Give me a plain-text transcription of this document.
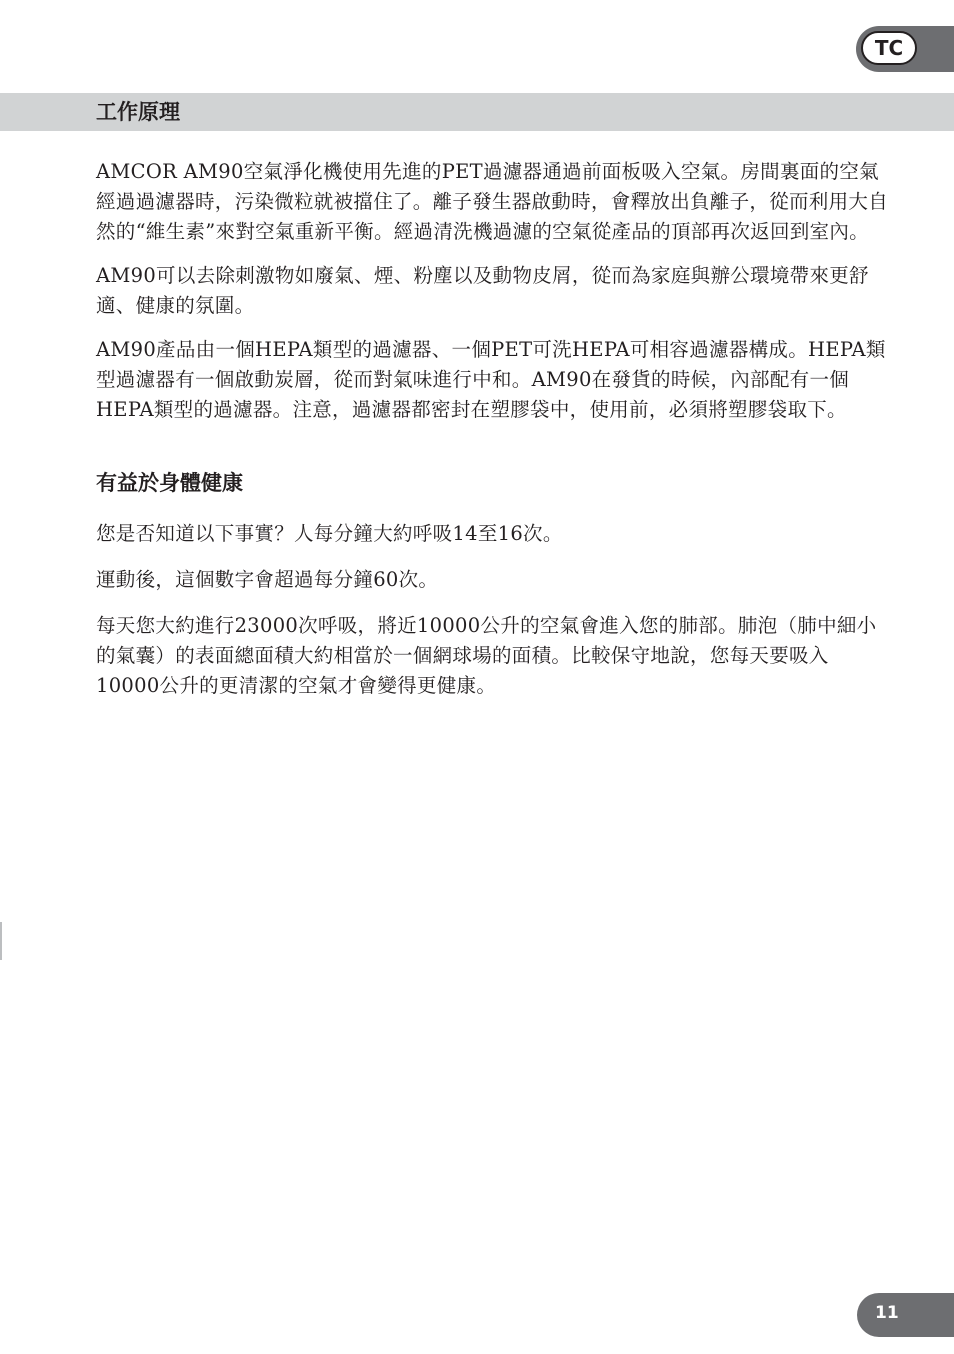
TC
工作原理

AMCOR AM90空氣淨化機使用先進的PET過濾器通過前面板吸入空氣。房間裏面的空氣經過過濾器時，污染微粒就被擋住了。離子發生器啟動時，會釋放出負離子，從而利用大自然的“維生素”來對空氣重新平衡。經過清洗機過濾的空氣從產品的頂部再次返回到室內。

AM90可以去除刺激物如廢氣、煙、粉塵以及動物皮屑，從而為家庭與辦公環境帶來更舒適、健康的氛圍。

AM90產品由一個HEPA類型的過濾器、一個PET可洗HEPA可相容過濾器構成。HEPA類型過濾器有一個啟動炭層，從而對氣味進行中和。AM90在發貨的時候，內部配有一個HEPA類型的過濾器。注意，過濾器都密封在塑膠袋中，使用前，必須將塑膠袋取下。

有益於身體健康

您是否知道以下事實？人每分鐘大約呼吸14至16次。

運動後，這個數字會超過每分鐘60次。

每天您大約進行23000次呼吸，將近10000公升的空氣會進入您的肺部。肺泡（肺中細小的氣囊）的表面總面積大約相當於一個網球場的面積。比較保守地說，您每天要吸入10000公升的更清潔的空氣才會變得更健康。

11
